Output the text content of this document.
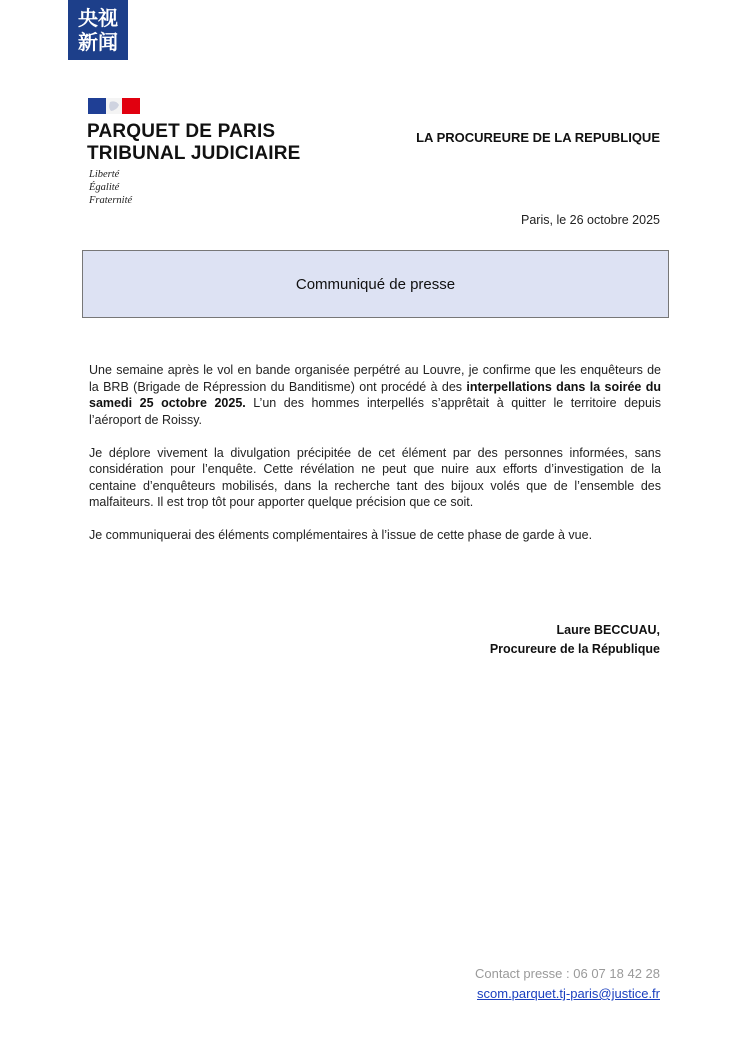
央视
新闻
PARQUET DE PARIS
TRIBUNAL JUDICIAIRE
Liberté
Égalité
Fraternité
LA PROCUREURE DE LA REPUBLIQUE
Paris, le 26 octobre 2025
Communiqué de presse

Une semaine après le vol en bande organisée perpétré au Louvre, je confirme que les enquêteurs de la BRB (Brigade de Répression du Banditisme) ont procédé à des interpellations dans la soirée du samedi 25 octobre 2025. L’un des hommes interpellés s’apprêtait à quitter le territoire depuis l’aéroport de Roissy.

Je déplore vivement la divulgation précipitée de cet élément par des personnes informées, sans considération pour l’enquête. Cette révélation ne peut que nuire aux efforts d’investigation de la centaine d’enquêteurs mobilisés, dans la recherche tant des bijoux volés que de l’ensemble des malfaiteurs. Il est trop tôt pour apporter quelque précision que ce soit.

Je communiquerai des éléments complémentaires à l’issue de cette phase de garde à vue.

Laure BECCUAU,
Procureure de la République
Contact presse : 06 07 18 42 28
scom.parquet.tj-paris@justice.fr
